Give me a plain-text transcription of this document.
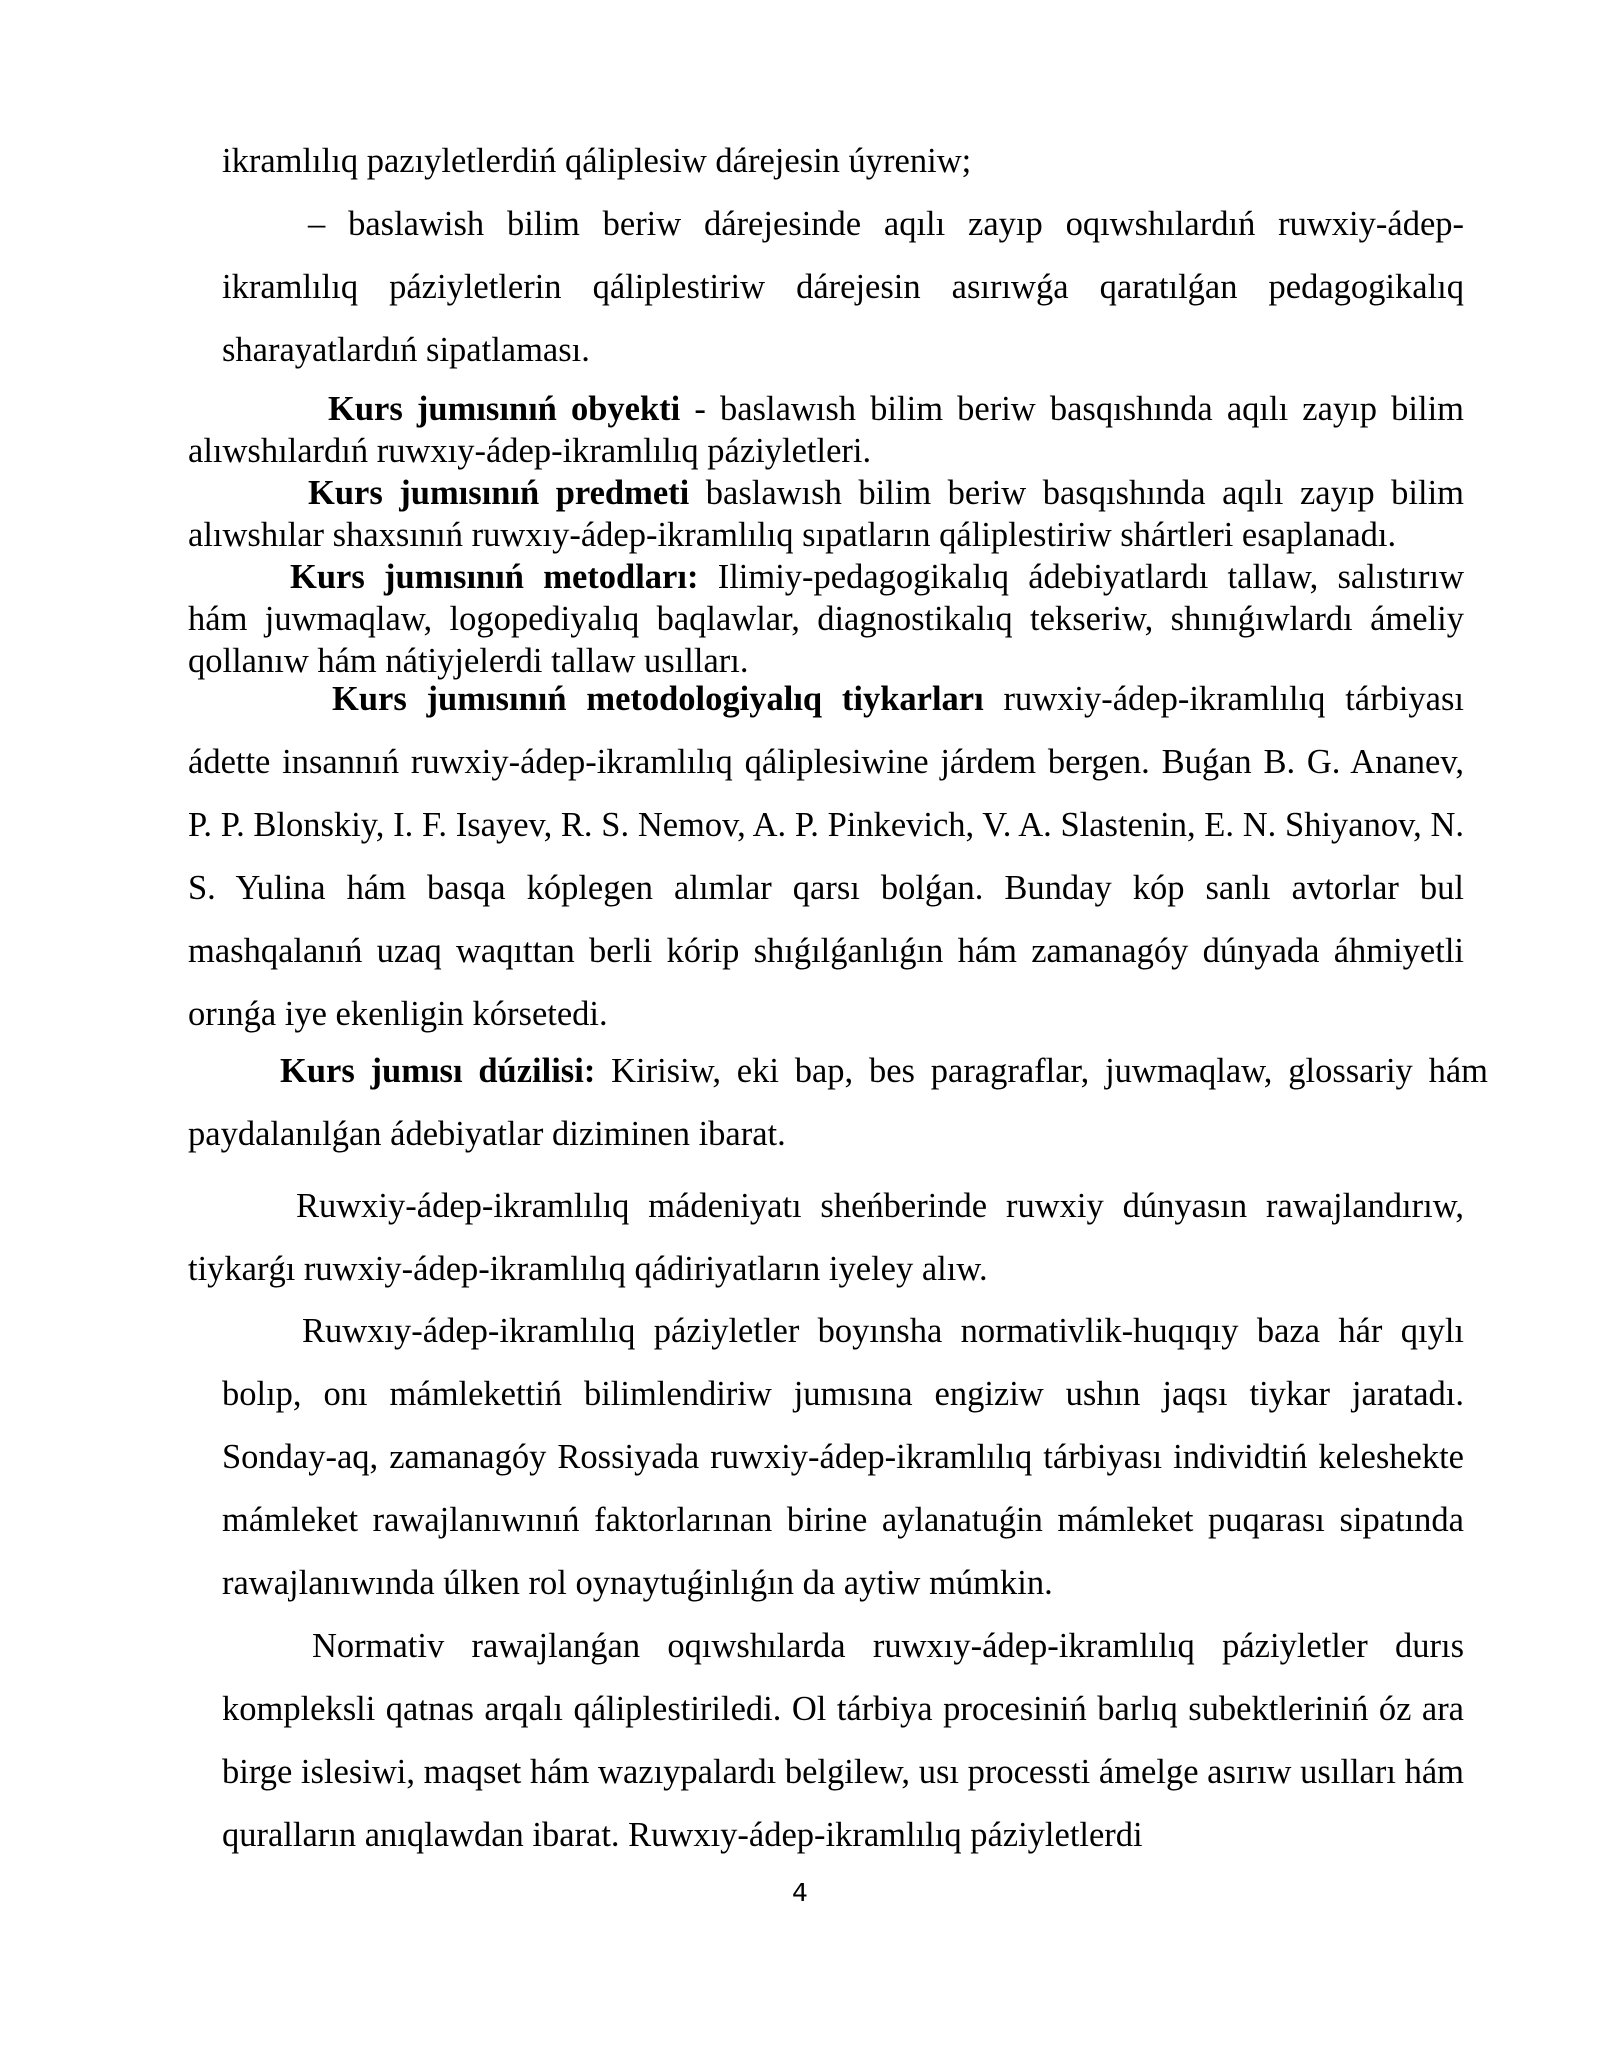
ikramlılıq pazıyletlerdiń qáliplesiw dárejesin úyreniw;

– baslawish bilim beriw dárejesinde aqılı zayıp oqıwshılardıń ruwxiy-ádep-ikramlılıq páziyletlerin qáliplestiriw dárejesin asırıwǵa qaratılǵan pedagogikalıq sharayatlardıń sipatlaması.

Kurs jumısınıń obyekti - baslawısh bilim beriw basqıshında aqılı zayıp bilim alıwshılardıń ruwxıy-ádep-ikramlılıq páziyletleri.

Kurs jumısınıń predmeti baslawısh bilim beriw basqıshında aqılı zayıp bilim alıwshılar shaxsınıń ruwxıy-ádep-ikramlılıq sıpatların qáliplestiriw shártleri esaplanadı.

Kurs jumısınıń metodları: Ilimiy-pedagogikalıq ádebiyatlardı tallaw, salıstırıw hám juwmaqlaw, logopediyalıq baqlawlar, diagnostikalıq tekseriw, shınıǵıwlardı ámeliy qollanıw hám nátiyjelerdi tallaw usılları.

Kurs jumısınıń metodologiyalıq tiykarları ruwxiy-ádep-ikramlılıq tárbiyası ádette insannıń ruwxiy-ádep-ikramlılıq qáliplesiwine járdem bergen. Buǵan B. G. Ananev, P. P. Blonskiy, I. F. Isayev, R. S. Nemov, A. P. Pinkevich, V. A. Slastenin, E. N. Shiyanov, N. S. Yulina hám basqa kóplegen alımlar qarsı bolǵan. Bunday kóp sanlı avtorlar bul mashqalanıń uzaq waqıttan berli kórip shıǵılǵanlıǵın hám zamanagóy dúnyada áhmiyetli orınǵa iye ekenligin kórsetedi.

Kurs jumısı dúzilisi: Kirisiw, eki bap, bes paragraflar, juwmaqlaw, glossariy hám paydalanılǵan ádebiyatlar diziminen ibarat.

Ruwxiy-ádep-ikramlılıq mádeniyatı sheńberinde ruwxiy dúnyasın rawajlandırıw, tiykarǵı ruwxiy-ádep-ikramlılıq qádiriyatların iyeley alıw.

Ruwxıy-ádep-ikramlılıq páziyletler boyınsha normativlik-huqıqıy baza hár qıylı bolıp, onı mámlekettiń bilimlendiriw jumısına engiziw ushın jaqsı tiykar jaratadı. Sonday-aq, zamanagóy Rossiyada ruwxiy-ádep-ikramlılıq tárbiyası individtiń keleshekte mámleket rawajlanıwınıń faktorlarınan birine aylanatuǵin mámleket puqarası sipatında rawajlanıwında úlken rol oynaytuǵinlıǵın da aytiw múmkin.

Normativ rawajlanǵan oqıwshılarda ruwxıy-ádep-ikramlılıq páziyletler durıs kompleksli qatnas arqalı qáliplestiriledi. Ol tárbiya procesiniń barlıq subektleriniń óz ara birge islesiwi, maqset hám wazıypalardı belgilew, usı processti ámelge asırıw usılları hám quralların anıqlawdan ibarat. Ruwxıy-ádep-ikramlılıq páziyletlerdi

4
